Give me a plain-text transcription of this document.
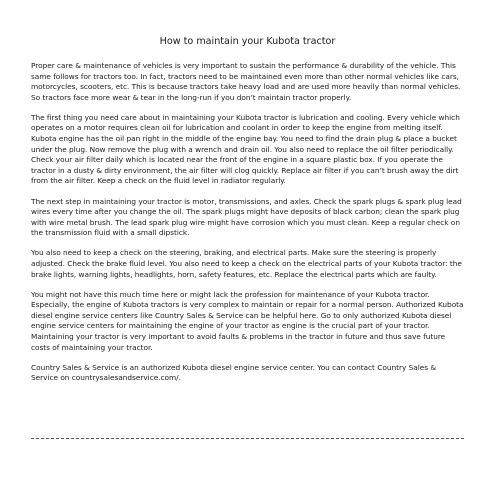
How to maintain your Kubota tractor

Proper care & maintenance of vehicles is very important to sustain the performance & durability of the vehicle. This same follows for tractors too. In fact, tractors need to be maintained even more than other normal vehicles like cars, motorcycles, scooters, etc. This is because tractors take heavy load and are used more heavily than normal vehicles. So tractors face more wear & tear in the long-run if you don’t maintain tractor properly.

The first thing you need care about in maintaining your Kubota tractor is lubrication and cooling. Every vehicle which operates on a motor requires clean oil for lubrication and coolant in order to keep the engine from melting itself. Kubota engine has the oil pan right in the middle of the engine bay. You need to find the drain plug & place a bucket under the plug. Now remove the plug with a wrench and drain oil. You also need to replace the oil filter periodically. Check your air filter daily which is located near the front of the engine in a square plastic box. If you operate the tractor in a dusty & dirty environment, the air filter will clog quickly. Replace air filter if you can’t brush away the dirt from the air filter. Keep a check on the fluid level in radiator regularly.

The next step in maintaining your tractor is motor, transmissions, and axles. Check the spark plugs & spark plug lead wires every time after you change the oil. The spark plugs might have deposits of black carbon; clean the spark plug with wire metal brush. The lead spark plug wire might have corrosion which you must clean. Keep a regular check on the transmission fluid with a small dipstick.

You also need to keep a check on the steering, braking, and electrical parts. Make sure the steering is properly adjusted. Check the brake fluid level. You also need to keep a check on the electrical parts of your Kubota tractor: the brake lights, warning lights, headlights, horn, safety features, etc. Replace the electrical parts which are faulty.

You might not have this much time here or might lack the profession for maintenance of your Kubota tractor. Especially, the engine of Kubota tractors is very complex to maintain or repair for a normal person. Authorized Kubota diesel engine service centers like Country Sales & Service can be helpful here. Go to only authorized Kubota diesel engine service centers for maintaining the engine of your tractor as engine is the crucial part of your tractor. Maintaining your tractor is very important to avoid faults & problems in the tractor in future and thus save future costs of maintaining your tractor.

Country Sales & Service is an authorized Kubota diesel engine service center. You can contact Country Sales & Service on countrysalesandservice.com/.
